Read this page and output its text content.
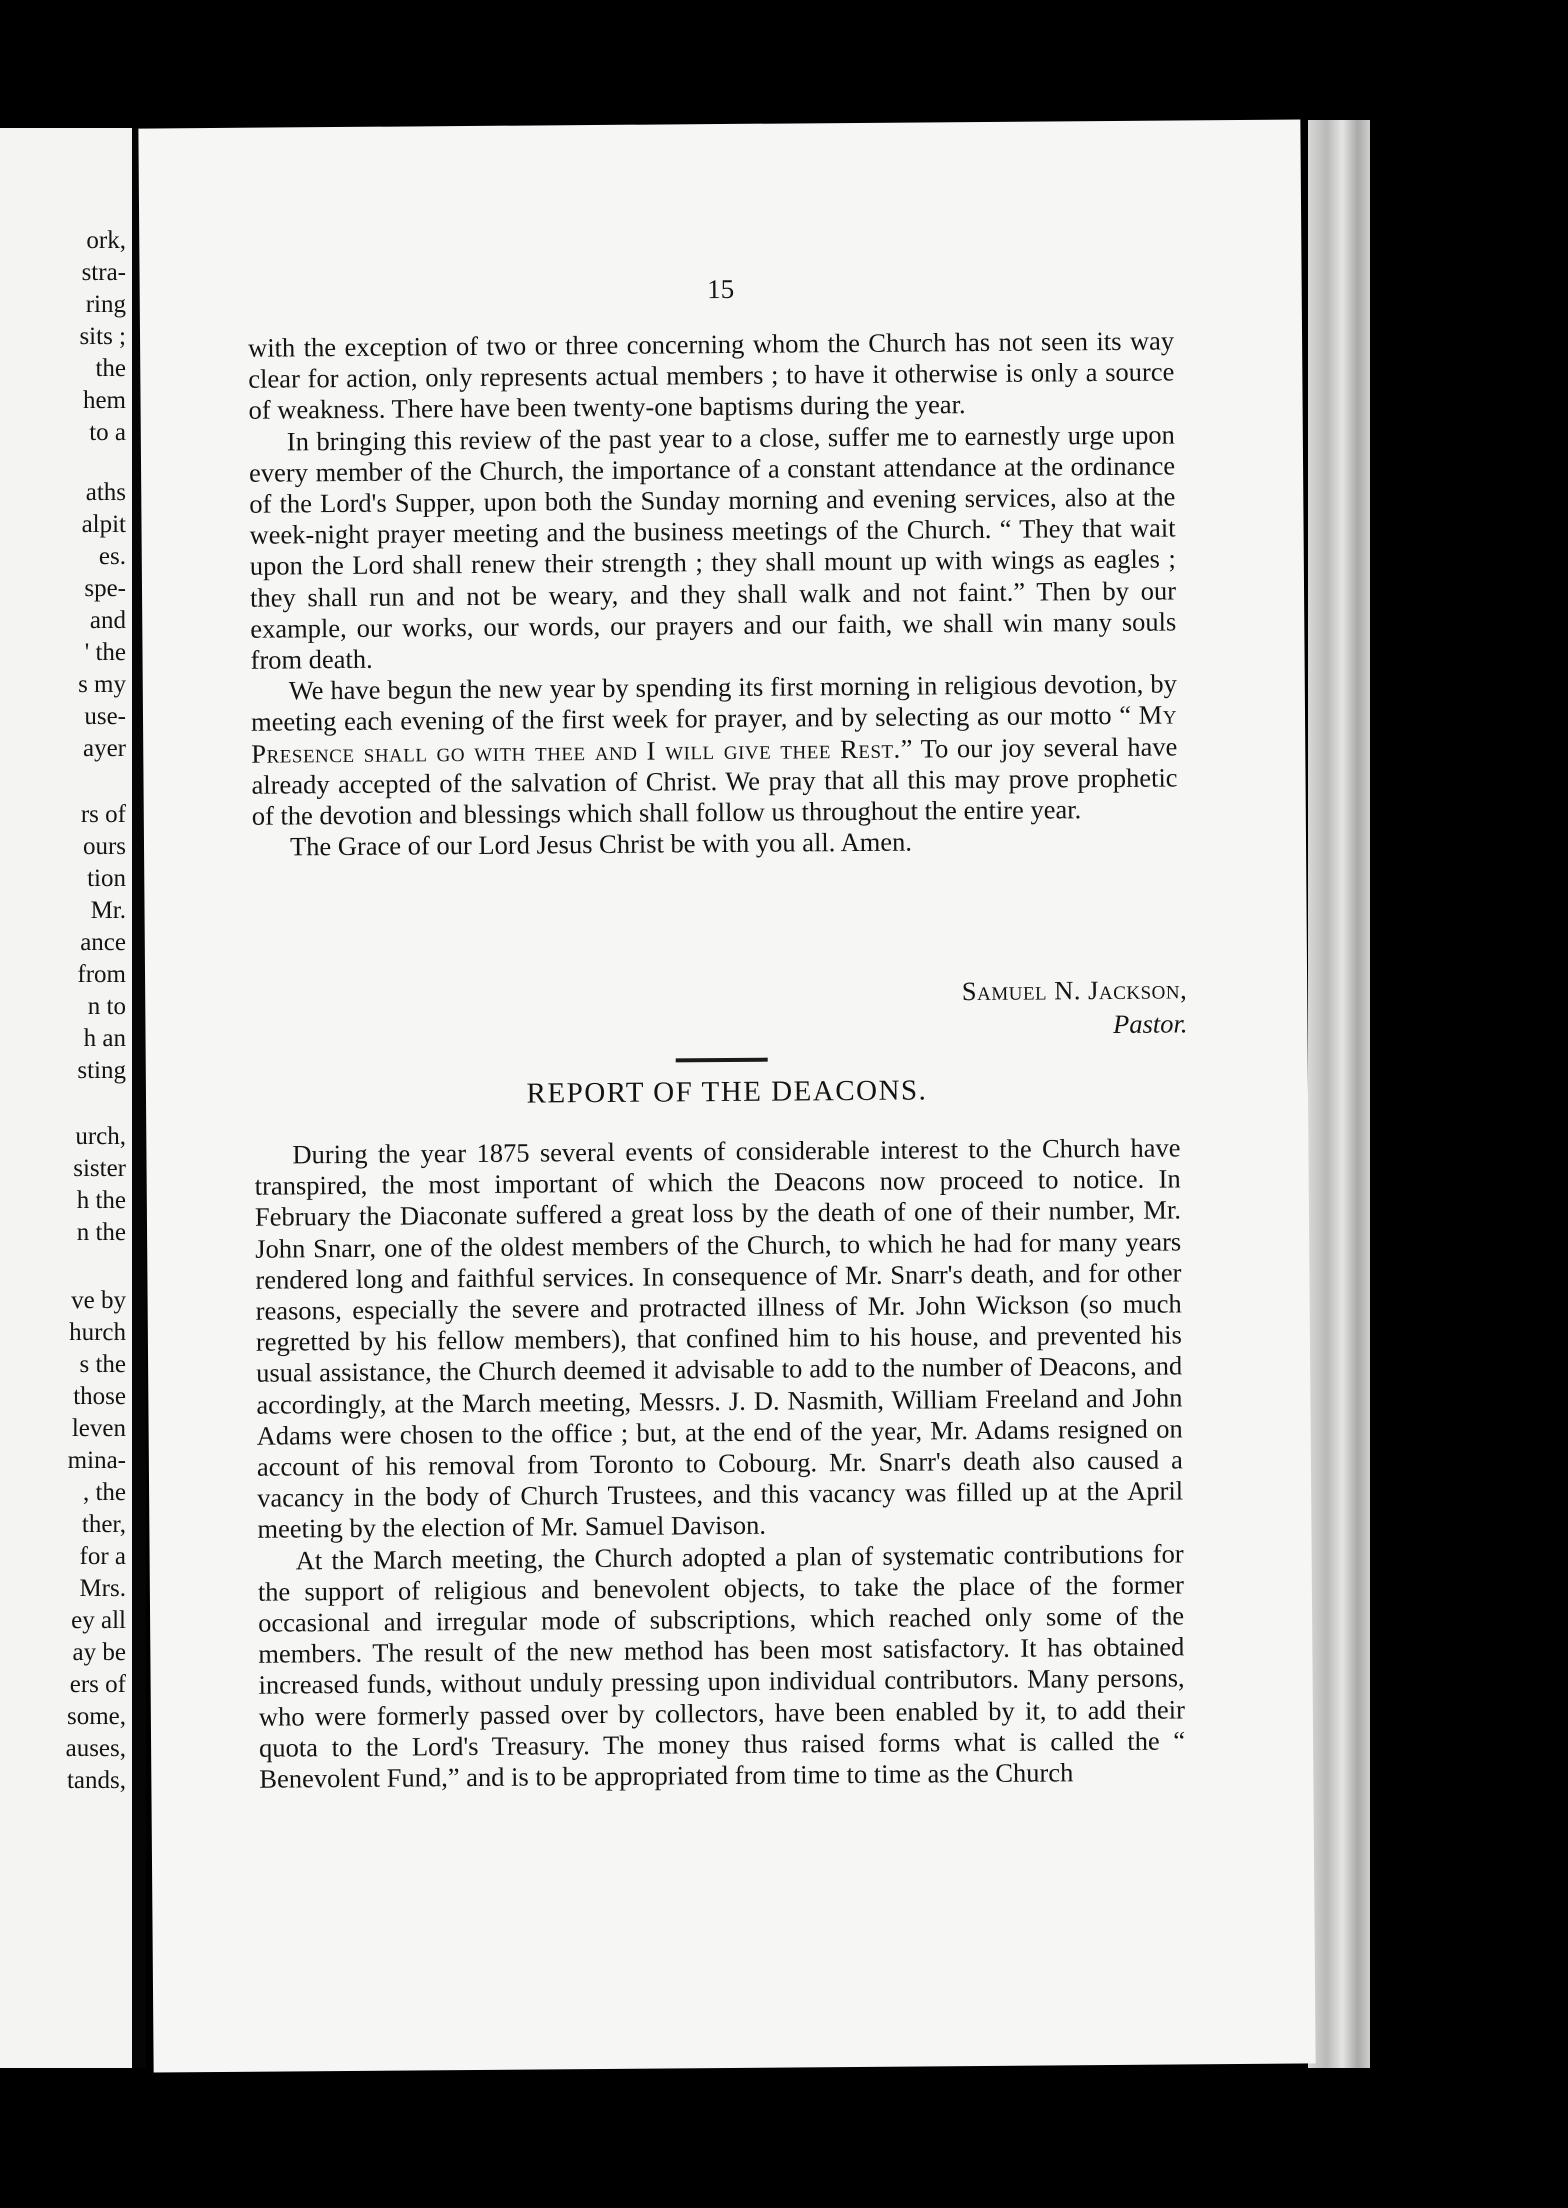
ork,
stra-
ring
sits ;
the
hem
to a
aths
alpit
es.
spe-
and
' the
s my
use-
ayer
rs of
ours
tion
Mr.
ance
from
n to
h an
sting
urch,
sister
h the
n the
ve by
hurch
s the
those
leven
mina-
, the
ther,
for a
Mrs.
ey all
ay be
ers of
some,
auses,
tands,
15

with the exception of two or three concerning whom the Church has not seen its way clear for action, only represents actual members ; to have it otherwise is only a source of weakness. There have been twenty-one baptisms during the year.

In bringing this review of the past year to a close, suffer me to earnestly urge upon every member of the Church, the importance of a constant attendance at the ordinance of the Lord's Supper, upon both the Sunday morning and evening services, also at the week-night prayer meeting and the business meetings of the Church. “ They that wait upon the Lord shall renew their strength ; they shall mount up with wings as eagles ; they shall run and not be weary, and they shall walk and not faint.” Then by our example, our works, our words, our prayers and our faith, we shall win many souls from death.

We have begun the new year by spending its first morning in religious devotion, by meeting each evening of the first week for prayer, and by selecting as our motto “ My Presence shall go with thee and I will give thee Rest.” To our joy several have already accepted of the salvation of Christ. We pray that all this may prove prophetic of the devotion and blessings which shall follow us throughout the entire year.

The Grace of our Lord Jesus Christ be with you all. Amen.

Samuel N. Jackson,
Pastor.
REPORT OF THE DEACONS.

During the year 1875 several events of considerable interest to the Church have transpired, the most important of which the Deacons now proceed to notice. In February the Diaconate suffered a great loss by the death of one of their number, Mr. John Snarr, one of the oldest members of the Church, to which he had for many years rendered long and faithful services. In consequence of Mr. Snarr's death, and for other reasons, especially the severe and protracted illness of Mr. John Wickson (so much regretted by his fellow members), that confined him to his house, and prevented his usual assistance, the Church deemed it advisable to add to the number of Deacons, and accordingly, at the March meeting, Messrs. J. D. Nasmith, William Freeland and John Adams were chosen to the office ; but, at the end of the year, Mr. Adams resigned on account of his removal from Toronto to Cobourg. Mr. Snarr's death also caused a vacancy in the body of Church Trustees, and this vacancy was filled up at the April meeting by the election of Mr. Samuel Davison.

At the March meeting, the Church adopted a plan of systematic contributions for the support of religious and benevolent objects, to take the place of the former occasional and irregular mode of subscriptions, which reached only some of the members. The result of the new method has been most satisfactory. It has obtained increased funds, without unduly pressing upon individual contributors. Many persons, who were formerly passed over by collectors, have been enabled by it, to add their quota to the Lord's Treasury. The money thus raised forms what is called the “ Benevolent Fund,” and is to be appropriated from time to time as the Church
